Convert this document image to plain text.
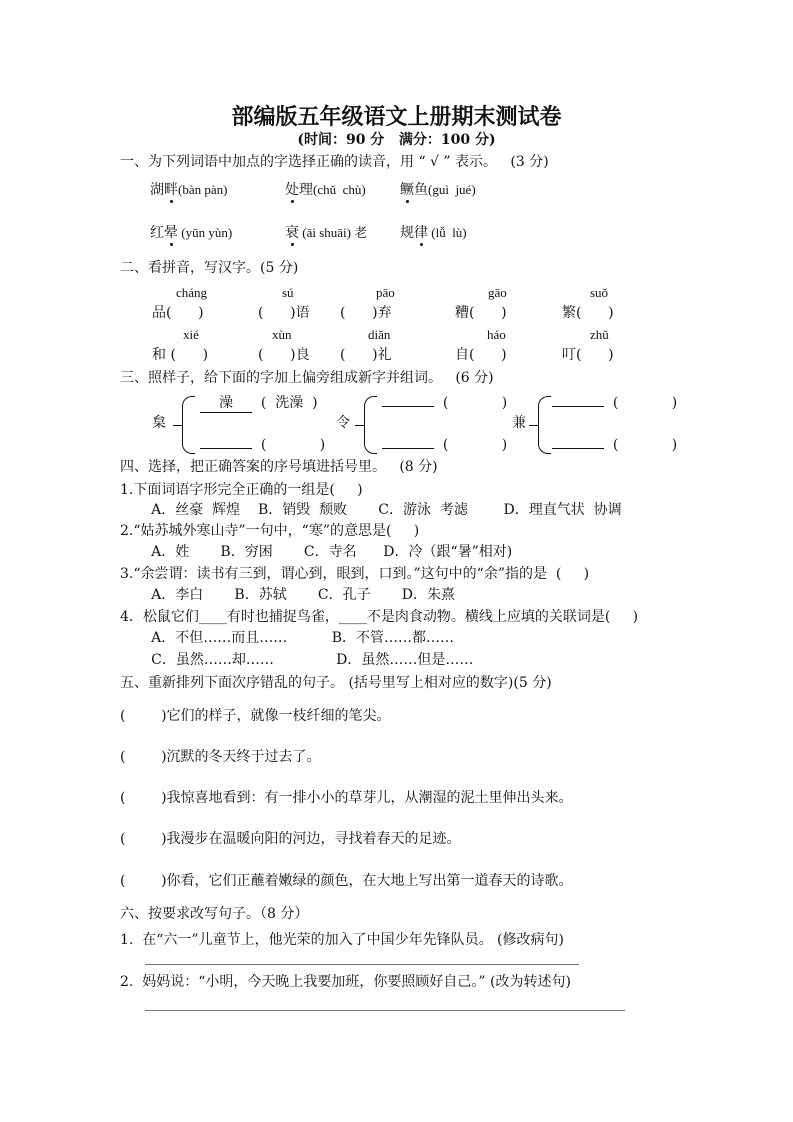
部编版五年级语文上册期末测试卷
(时间：90 分   满分：100 分)
一、为下列词语中加点的字选择正确的读音，用 “ √ ” 表示。   (3 分)
湖畔(bàn pàn)	处理(chǔ  chù) 鳜鱼(guì  jué)
红晕 (yūn yùn)	衰 (āi shuāi) 老 规律 (lǚ  lù)
二、看拼音，写汉字。(5 分)
cháng	sú	pāo	gāo	suǒ
品(      )	(      )语 (      )弃	糟(      )	繁(      )
xié	xùn	diǎn	háo	zhǔ
和 (      )	(      )良 (      )礼	自(      )	叮(      )
三、照样子，给下面的字加上偏旁组成新字并组词。   (6 分)
枲
澡  (  洗澡  )
(            )
令
(            )
(            )
兼
(            )
(            )
四、选择，把正确答案的序号填进括号里。   (8 分)
1.下面词语字形完全正确的一组是(     )
A．丝豪  辉煌    B．销毁  颓败       C．游泳  考滤        D．理直气状  协调
2.“姑苏城外寒山寺”一句中，“寒”的意思是(     )
A．姓       B．穷困       C．寺名      D．冷（跟“暑”相对)
3.“余尝谓：读书有三到，谓心到，眼到，口到。”这句中的“余”指的是  (     )
A．李白       B．苏轼       C．孔子       D．朱熹
4．松鼠它们____有时也捕捉鸟雀，____不是肉食动物。横线上应填的关联词是(     )
A．不但……而且……          B．不管……都……
C．虽然……却……              D．虽然……但是……
五、重新排列下面次序错乱的句子。 (括号里写上相对应的数字)(5 分)
(        )它们的样子，就像一枝纤细的笔尖。
(        )沉默的冬天终于过去了。
(        )我惊喜地看到：有一排小小的草芽儿，从潮湿的泥土里伸出头来。
(        )我漫步在温暖向阳的河边，寻找着春天的足迹。
(        )你看，它们正蘸着嫩绿的颜色，在大地上写出第一道春天的诗歌。
六、按要求改写句子。（8 分）
1.  在“六一”儿童节上，他光荣的加入了中国少年先锋队员。 (修改病句)
2.  妈妈说：“小明，今天晚上我要加班，你要照顾好自己。” (改为转述句)
